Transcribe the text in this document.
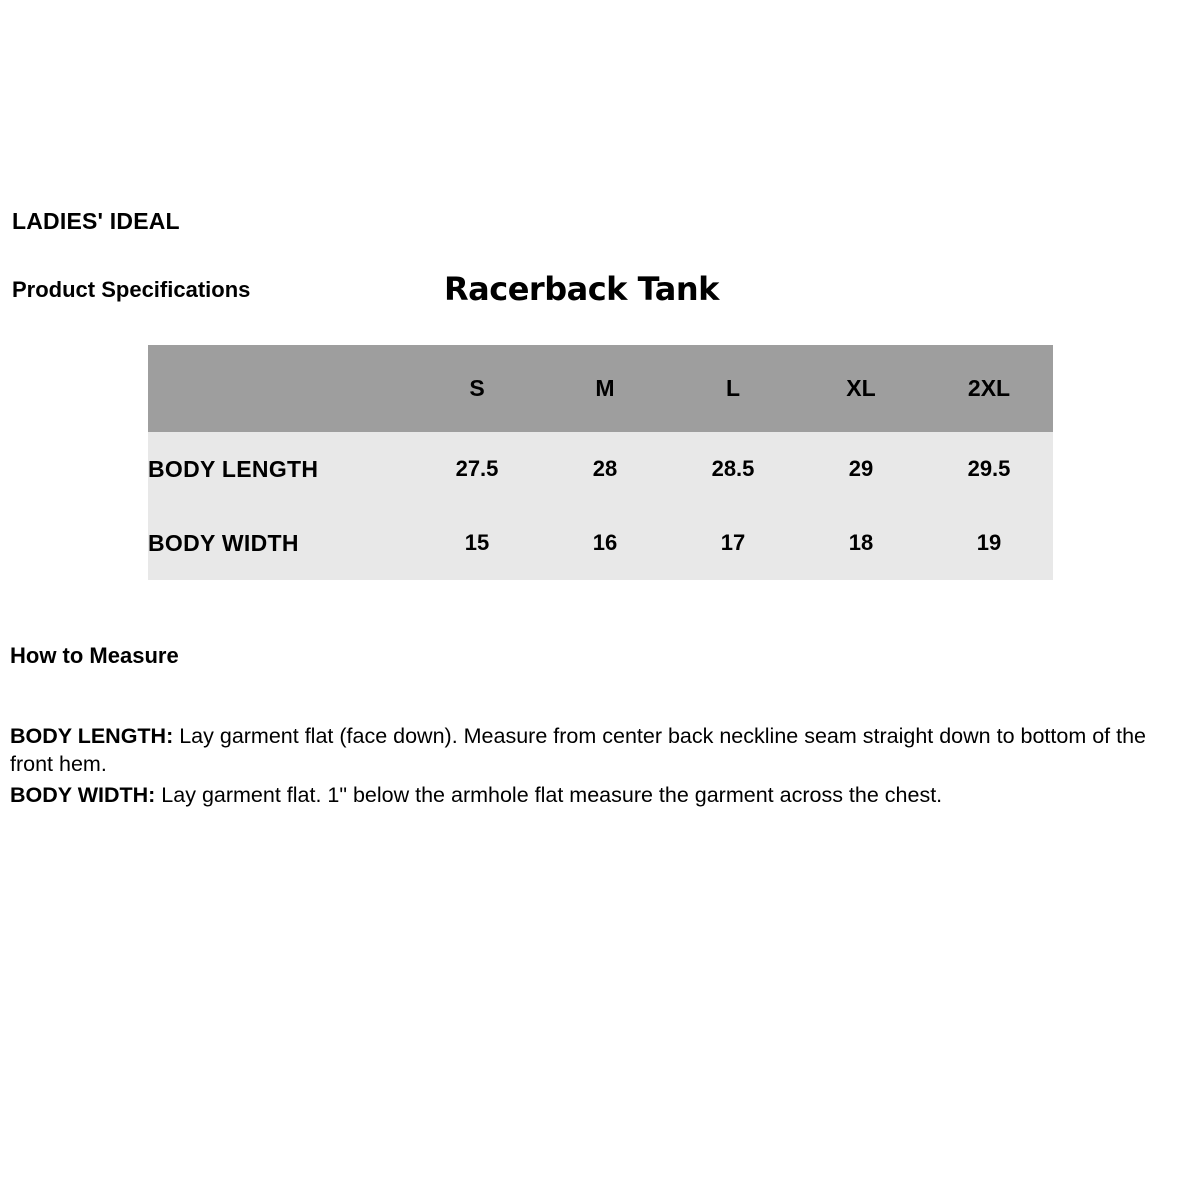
LADIES' IDEAL
Product Specifications	Racerback Tank
	S	M	L	XL	2XL
BODY LENGTH	27.5	28	28.5	29	29.5
BODY WIDTH	15	16	17	18	19
How to Measure

BODY LENGTH: Lay garment flat (face down). Measure from center back neckline seam straight down to bottom of the front hem.

BODY WIDTH: Lay garment flat. 1" below the armhole flat measure the garment across the chest.
